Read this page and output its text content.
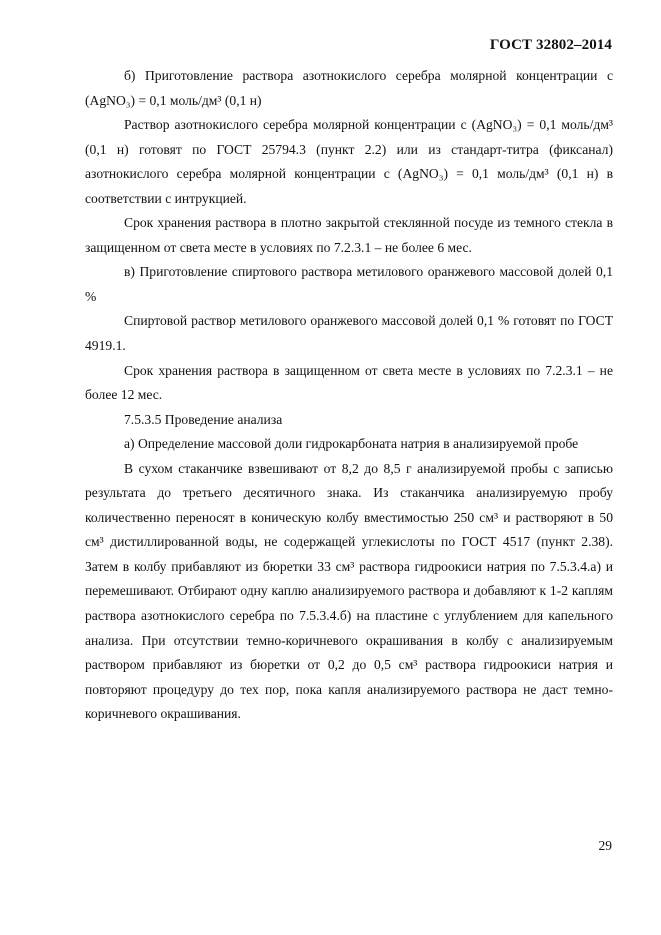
ГОСТ 32802–2014

б) Приготовление раствора азотнокислого серебра молярной концентрации с (AgNO₃) = 0,1 моль/дм³ (0,1 н)

Раствор азотнокислого серебра молярной концентрации с (AgNO₃) = 0,1 моль/дм³ (0,1 н) готовят по ГОСТ 25794.3 (пункт 2.2) или из стандарт-титра (фиксанал) азотнокислого серебра молярной концентрации с (AgNO₃) = 0,1 моль/дм³ (0,1 н) в соответствии с интрукцией.

Срок хранения раствора в плотно закрытой стеклянной посуде из темного стекла в защищенном от света месте в условиях по 7.2.3.1 – не более 6 мес.

в) Приготовление спиртового раствора метилового оранжевого массовой долей 0,1 %

Спиртовой раствор метилового оранжевого массовой долей 0,1 % готовят по ГОСТ 4919.1.

Срок хранения раствора в защищенном от света месте в условиях по 7.2.3.1 – не более 12 мес.

7.5.3.5 Проведение анализа

а) Определение массовой доли гидрокарбоната натрия в анализируемой пробе

В сухом стаканчике взвешивают от 8,2 до 8,5 г анализируемой пробы с записью результата до третьего десятичного знака. Из стаканчика анализируемую пробу количественно переносят в коническую колбу вместимостью 250 см³ и растворяют в 50 см³ дистиллированной воды, не содержащей углекислоты по ГОСТ 4517 (пункт 2.38). Затем в колбу прибавляют из бюретки 33 см³ раствора гидроокиси натрия по 7.5.3.4.а) и перемешивают. Отбирают одну каплю анализируемого раствора и добавляют к 1-2 каплям раствора азотнокислого серебра по 7.5.3.4.б) на пластине с углублением для капельного анализа. При отсутствии темно-коричневого окрашивания в колбу с анализируемым раствором прибавляют из бюретки от 0,2 до 0,5 см³ раствора гидроокиси натрия и повторяют процедуру до тех пор, пока капля анализируемого раствора не даст темно-коричневого окрашивания.

29
